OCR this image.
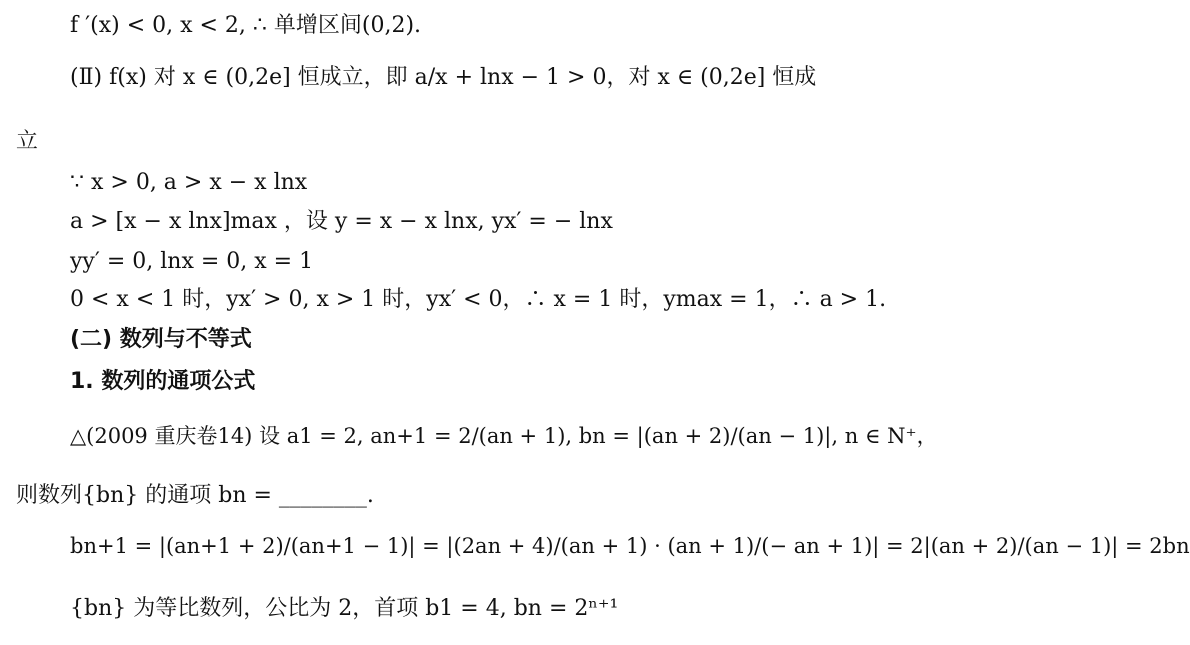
f ′(x) < 0, x < 2, ∴ 单增区间(0,2).
(Ⅱ) f(x) 对 x ∈ (0,2e] 恒成立，即 a/x + lnx − 1 > 0，对 x ∈ (0,2e] 恒成
立
∵ x > 0, a > x − x lnx
a > [x − x lnx]max ，设 y = x − x lnx, yx′ = − lnx
yy′ = 0, lnx = 0, x = 1
0 < x < 1 时，yx′ > 0, x > 1 时，yx′ < 0，∴ x = 1 时，ymax = 1，∴ a > 1.
(二) 数列与不等式
1. 数列的通项公式
△(2009 重庆卷14) 设 a1 = 2, an+1 = 2/(an + 1), bn = |(an + 2)/(an − 1)|, n ∈ N⁺，
则数列{bn} 的通项 bn = ________.
bn+1 = |(an+1 + 2)/(an+1 − 1)| = |(2an + 4)/(an + 1) · (an + 1)/(− an + 1)| = 2|(an + 2)/(an − 1)| = 2bn
{bn} 为等比数列，公比为 2，首项 b1 = 4, bn = 2ⁿ⁺¹
